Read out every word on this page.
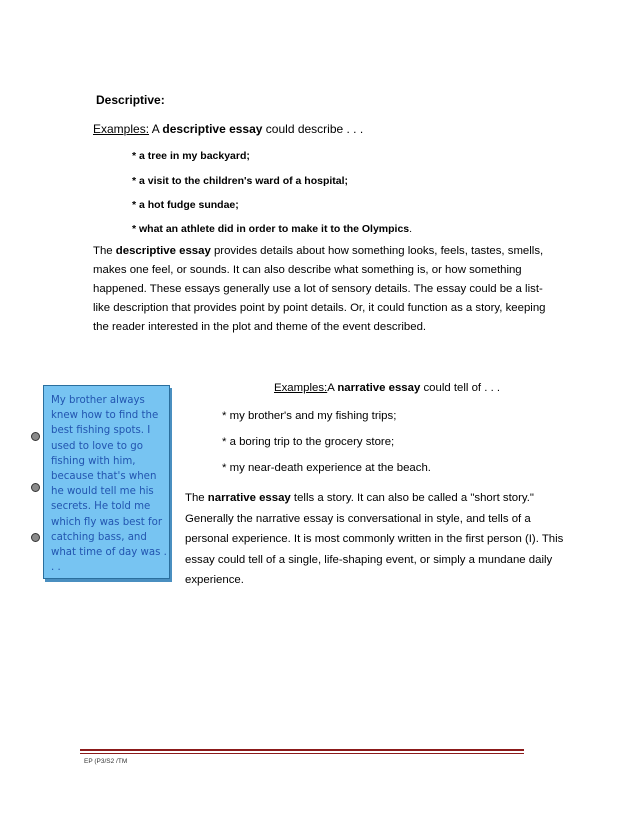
Descriptive:
Examples: A descriptive essay could describe . . .
* a tree in my backyard;
* a visit to the children's ward of a hospital;
* a hot fudge sundae;
* what an athlete did in order to make it to the Olympics.
The descriptive essay provides details about how something looks, feels, tastes, smells, makes one feel, or sounds. It can also describe what something is, or how something happened. These essays generally use a lot of sensory details. The essay could be a list-like description that provides point by point details. Or, it could function as a story, keeping the reader interested in the plot and theme of the event described.
My brother always knew how to find the best fishing spots. I used to love to go fishing with him, because that's when he would tell me his secrets. He told me which fly was best for catching bass, and what time of day was . . .
Examples:A narrative essay could tell of . . .
* my brother's and my fishing trips;
* a boring trip to the grocery store;
* my near-death experience at the beach.
The narrative essay tells a story. It can also be called a "short story." Generally the narrative essay is conversational in style, and tells of a personal experience. It is most commonly written in the first person (I). This essay could tell of a single, life-shaping event, or simply a mundane daily experience.
EP (P3/S2 /TM
